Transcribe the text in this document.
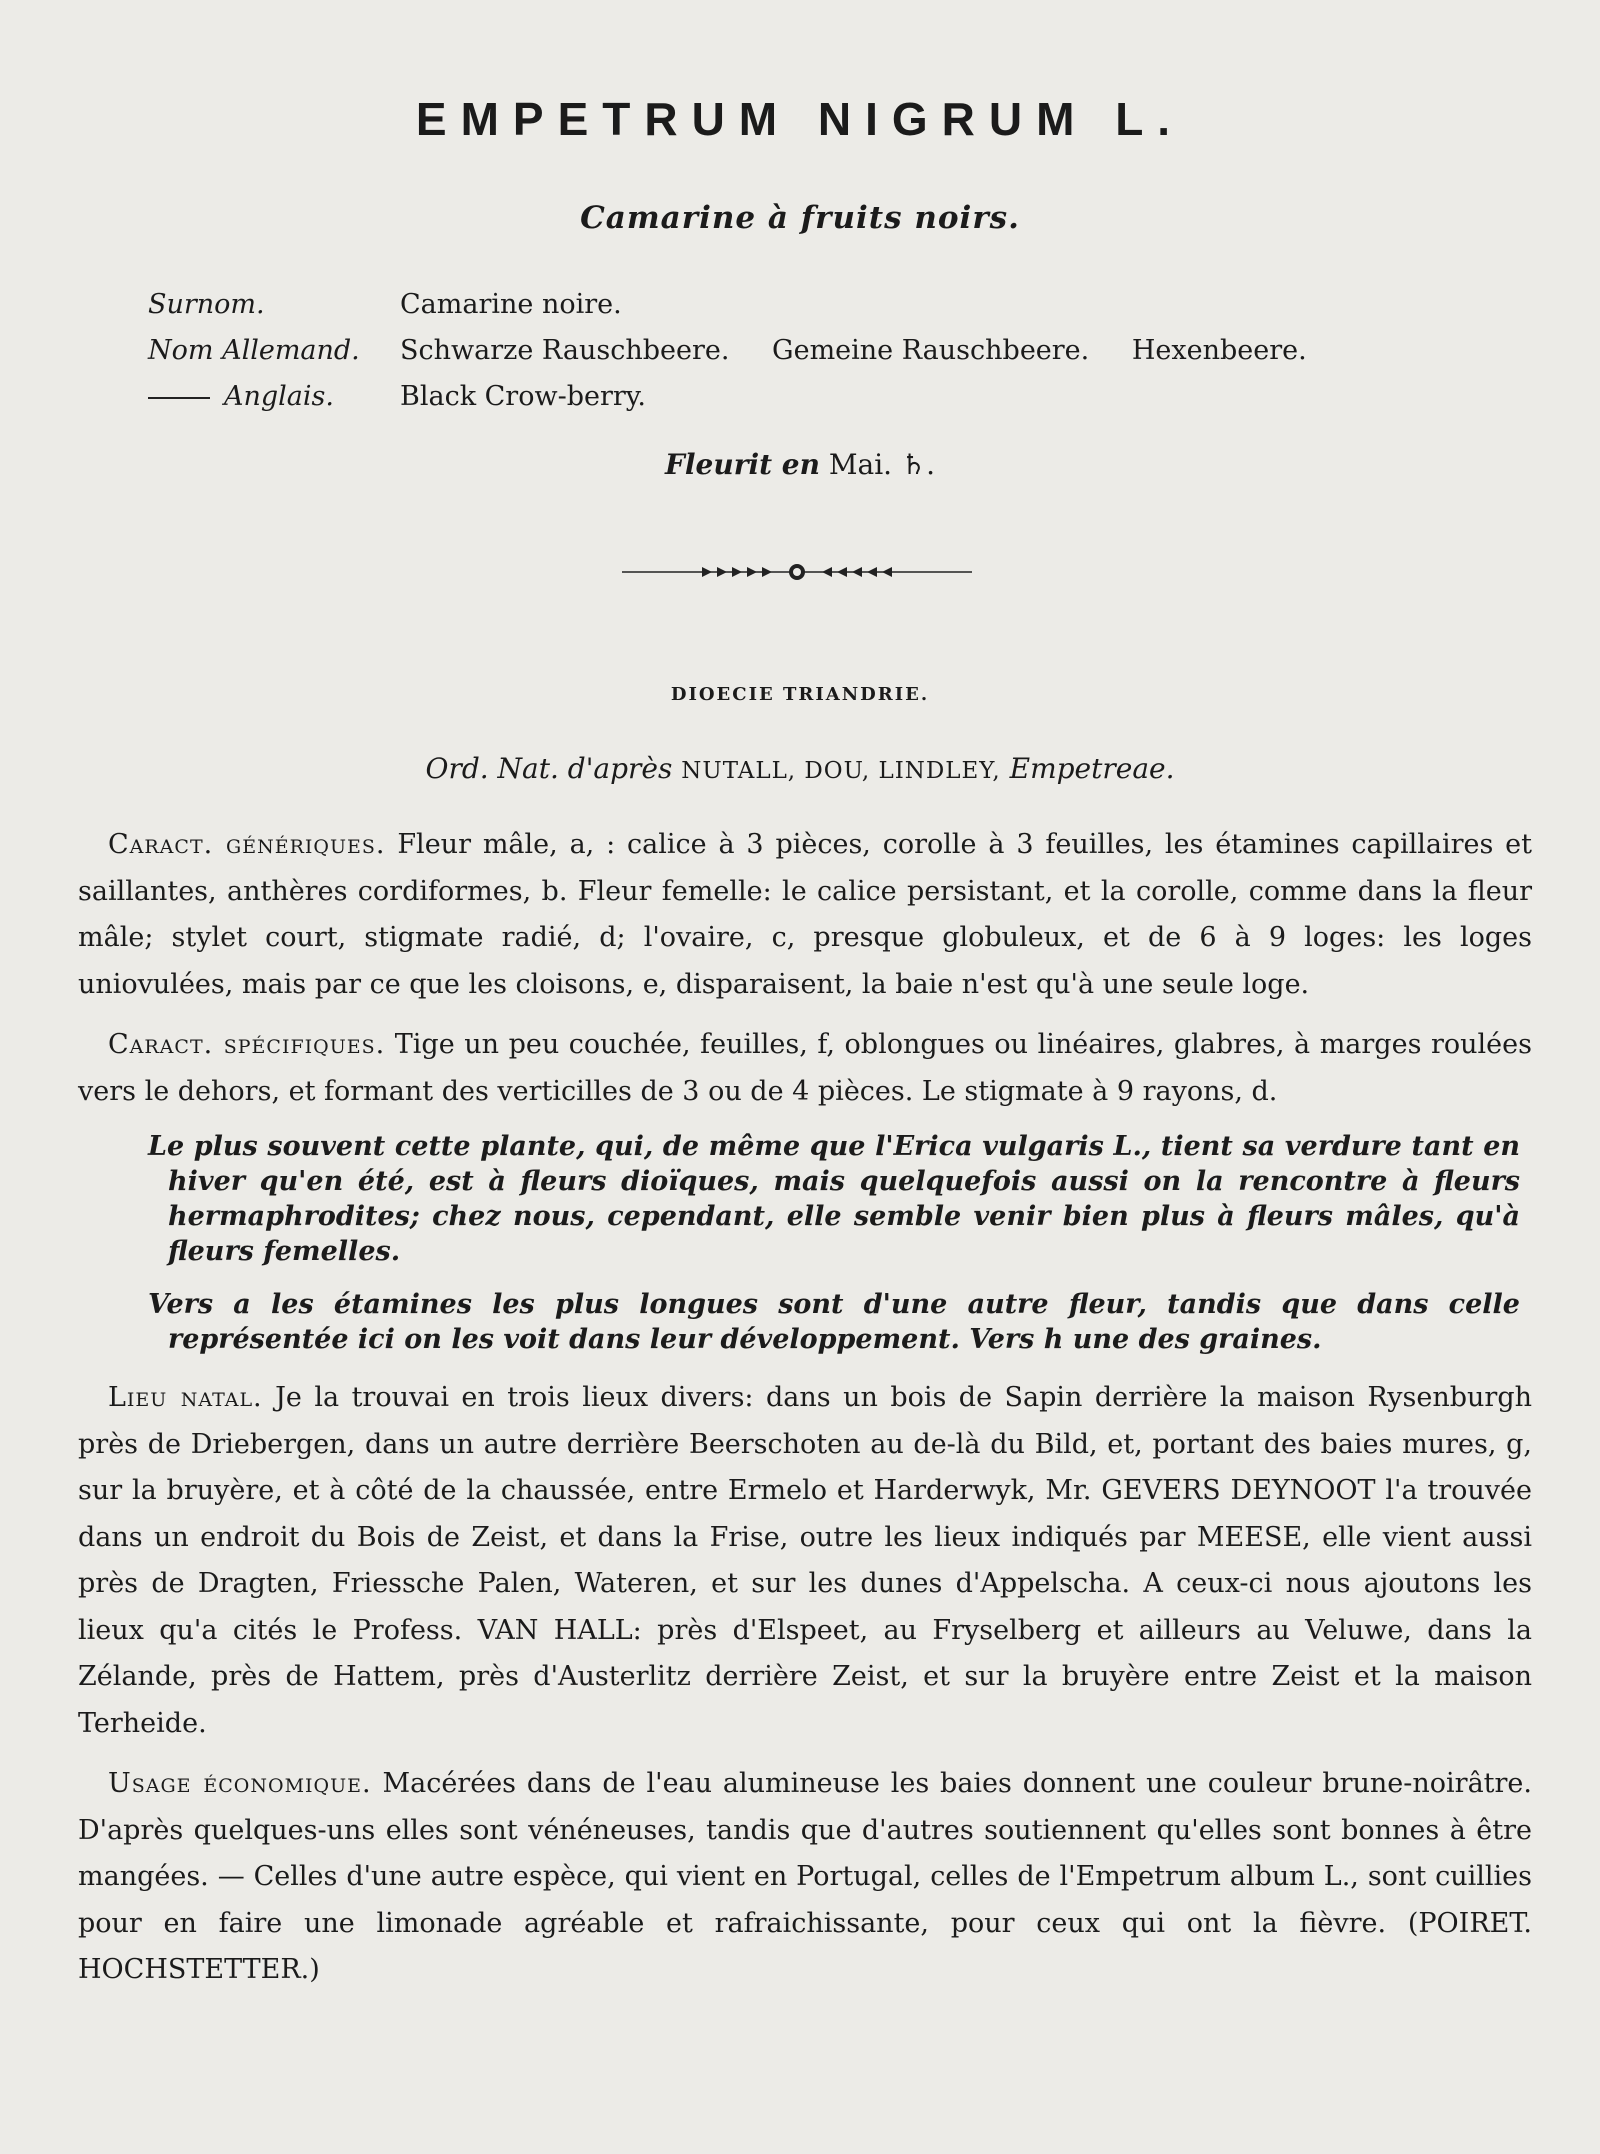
EMPETRUM NIGRUM L.
Camarine à fruits noirs.
Surnom.	Camarine noire.
Nom Allemand.	Schwarze Rauschbeere. Gemeine Rauschbeere. Hexenbeere.
Anglais.	Black Crow-berry.
Fleurit en Mai. ♄.
DIOECIE TRIANDRIE.
Ord. Nat. d'après NUTALL, DOU, LINDLEY, Empetreae.

Caract. génériques. Fleur mâle, a, : calice à 3 pièces, corolle à 3 feuilles, les étamines capillaires et saillantes, anthères cordiformes, b. Fleur femelle: le calice persistant, et la corolle, comme dans la fleur mâle; stylet court, stigmate radié, d; l'ovaire, c, presque globuleux, et de 6 à 9 loges: les loges uniovulées, mais par ce que les cloisons, e, disparaisent, la baie n'est qu'à une seule loge.

Caract. spécifiques. Tige un peu couchée, feuilles, f, oblongues ou linéaires, glabres, à marges roulées vers le dehors, et formant des verticilles de 3 ou de 4 pièces. Le stigmate à 9 rayons, d.

Le plus souvent cette plante, qui, de même que l'Erica vulgaris L., tient sa verdure tant en hiver qu'en été, est à fleurs dioïques, mais quelquefois aussi on la rencontre à fleurs hermaphrodites; chez nous, cependant, elle semble venir bien plus à fleurs mâles, qu'à fleurs femelles.

Vers a les étamines les plus longues sont d'une autre fleur, tandis que dans celle représentée ici on les voit dans leur développement. Vers h une des graines.

Lieu natal. Je la trouvai en trois lieux divers: dans un bois de Sapin derrière la maison Rysenburgh près de Driebergen, dans un autre derrière Beerschoten au de-là du Bild, et, portant des baies mures, g, sur la bruyère, et à côté de la chaussée, entre Ermelo et Harderwyk, Mr. GEVERS DEYNOOT l'a trouvée dans un endroit du Bois de Zeist, et dans la Frise, outre les lieux indiqués par MEESE, elle vient aussi près de Dragten, Friessche Palen, Wateren, et sur les dunes d'Appelscha. A ceux-ci nous ajoutons les lieux qu'a cités le Profess. VAN HALL: près d'Elspeet, au Fryselberg et ailleurs au Veluwe, dans la Zélande, près de Hattem, près d'Austerlitz derrière Zeist, et sur la bruyère entre Zeist et la maison Terheide.

Usage économique. Macérées dans de l'eau alumineuse les baies donnent une couleur brune-noirâtre. D'après quelques-uns elles sont vénéneuses, tandis que d'autres soutiennent qu'elles sont bonnes à être mangées. — Celles d'une autre espèce, qui vient en Portugal, celles de l'Empetrum album L., sont cuillies pour en faire une limonade agréable et rafraichissante, pour ceux qui ont la fièvre. (POIRET. HOCHSTETTER.)
